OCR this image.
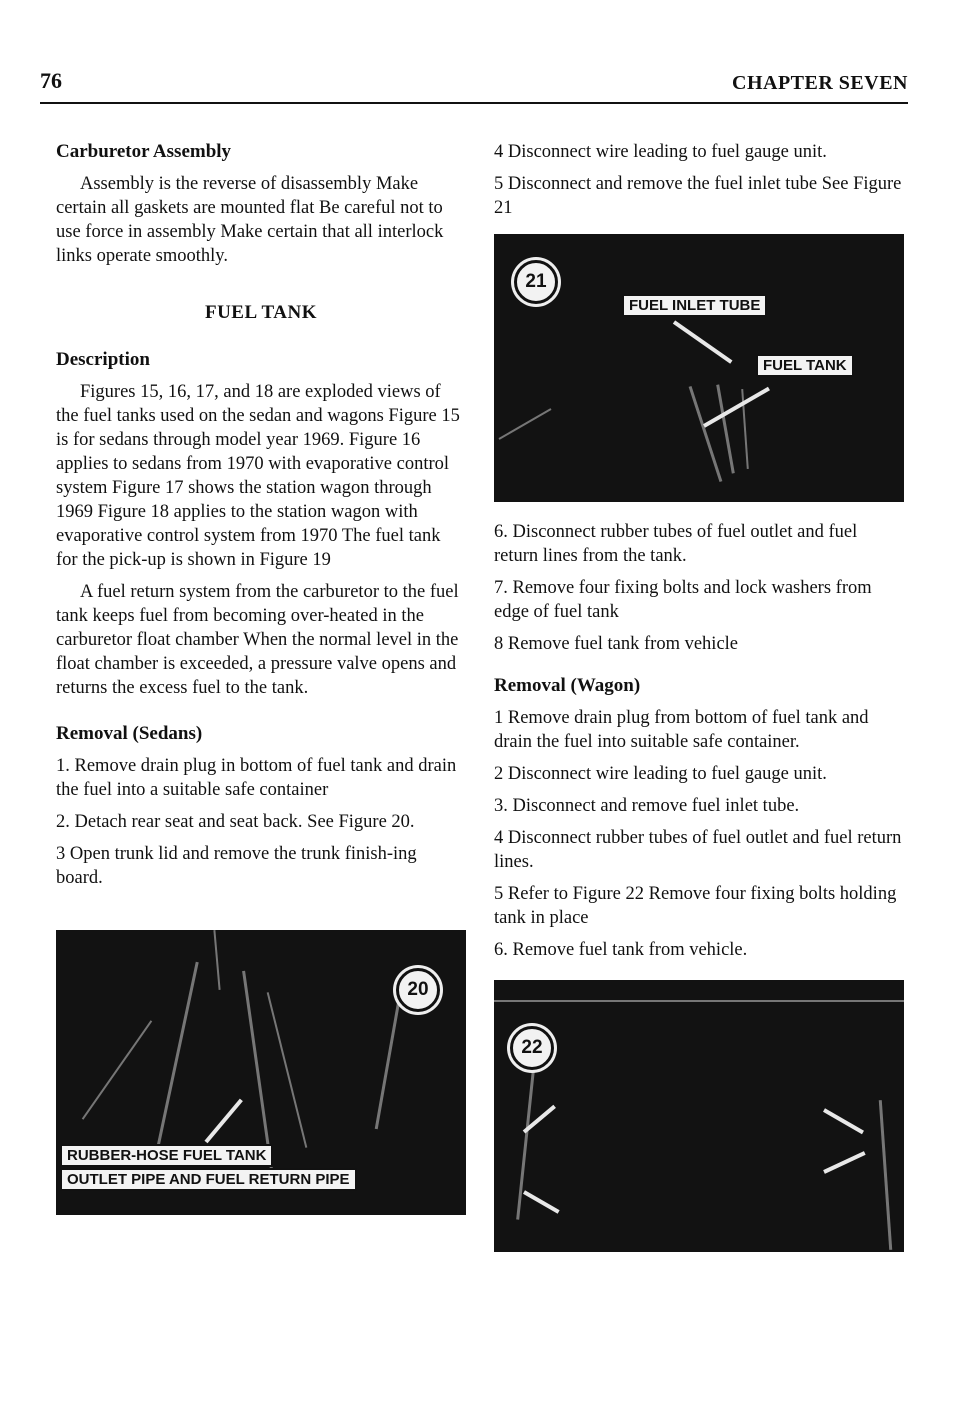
76	CHAPTER SEVEN
Carburetor Assembly

Assembly is the reverse of disassembly Make certain all gaskets are mounted flat Be careful not to use force in assembly Make certain that all interlock links operate smoothly.

FUEL TANK
Description

Figures 15, 16, 17, and 18 are exploded views of the fuel tanks used on the sedan and wagons Figure 15 is for sedans through model year 1969. Figure 16 applies to sedans from 1970 with evaporative control system Figure 17 shows the station wagon through 1969 Figure 18 applies to the station wagon with evaporative control system from 1970 The fuel tank for the pick-up is shown in Figure 19

A fuel return system from the carburetor to the fuel tank keeps fuel from becoming over-heated in the carburetor float chamber When the normal level in the float chamber is exceeded, a pressure valve opens and returns the excess fuel to the tank.

Removal (Sedans)

1. Remove drain plug in bottom of fuel tank and drain the fuel into a suitable safe container

2. Detach rear seat and seat back. See Figure 20.

3 Open trunk lid and remove the trunk finish-ing board.

20
RUBBER-HOSE FUEL TANK
OUTLET PIPE AND FUEL RETURN PIPE

4 Disconnect wire leading to fuel gauge unit.

5 Disconnect and remove the fuel inlet tube See Figure 21

21
FUEL INLET TUBE
FUEL TANK

6. Disconnect rubber tubes of fuel outlet and fuel return lines from the tank.

7. Remove four fixing bolts and lock washers from edge of fuel tank

8 Remove fuel tank from vehicle

Removal (Wagon)

1 Remove drain plug from bottom of fuel tank and drain the fuel into suitable safe container.

2 Disconnect wire leading to fuel gauge unit.

3. Disconnect and remove fuel inlet tube.

4 Disconnect rubber tubes of fuel outlet and fuel return lines.

5 Refer to Figure 22 Remove four fixing bolts holding tank in place

6. Remove fuel tank from vehicle.

22
